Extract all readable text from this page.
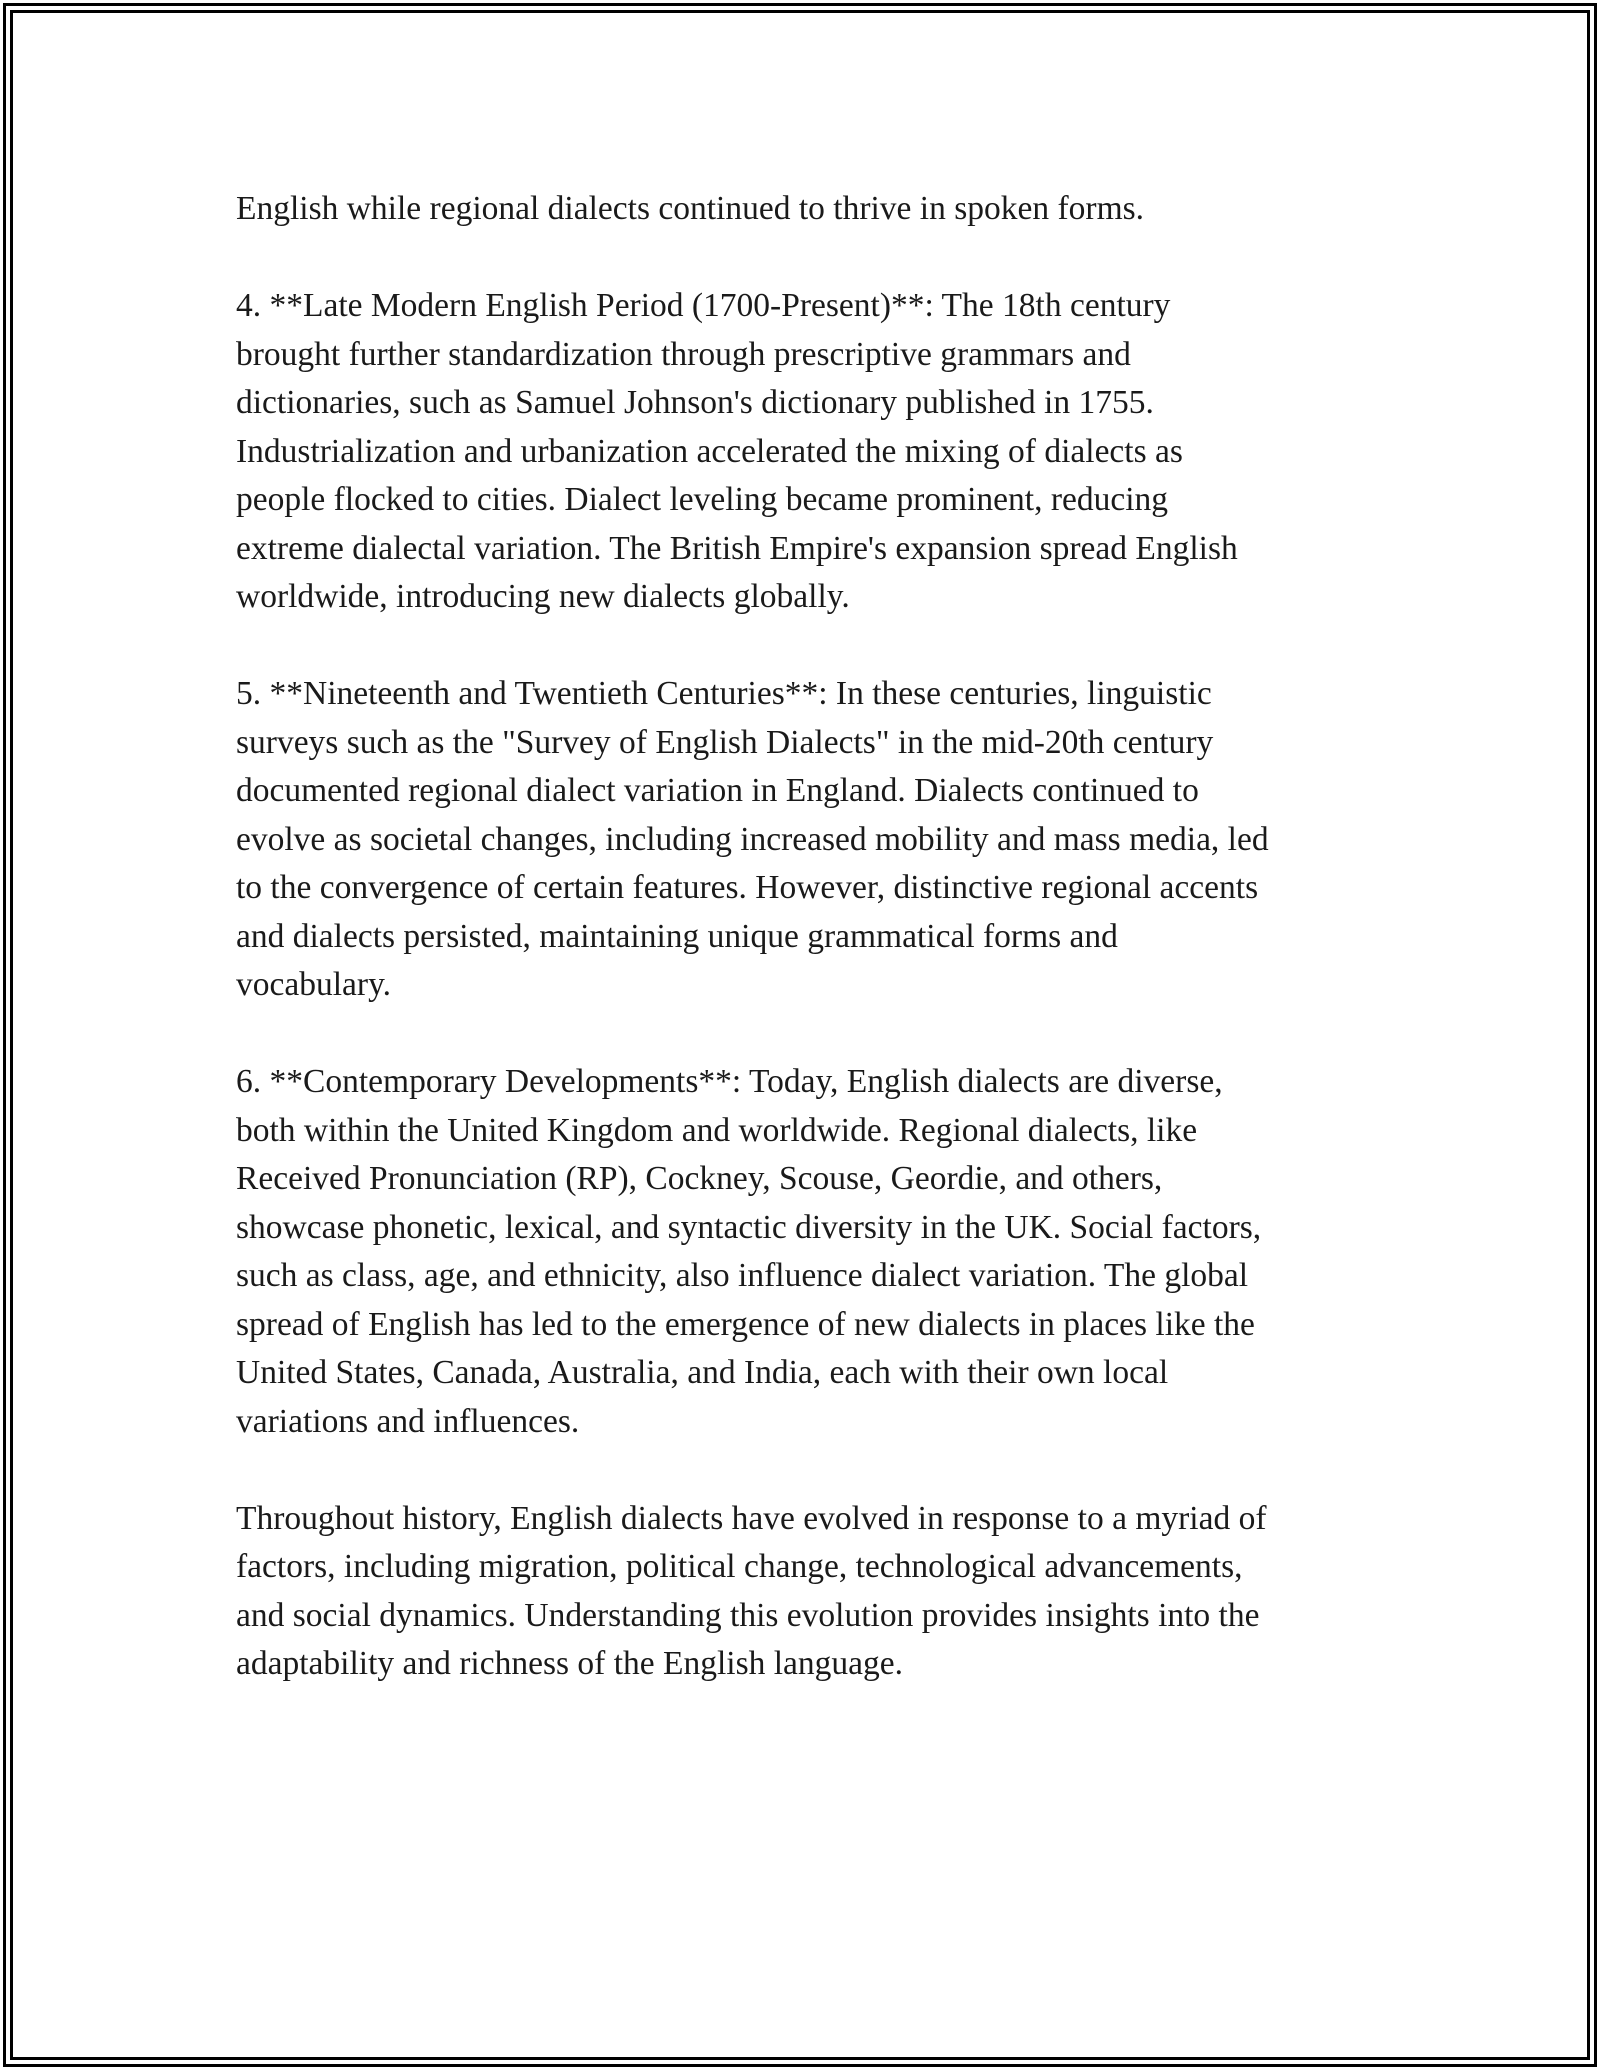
English while regional dialects continued to thrive in spoken forms.

4. **Late Modern English Period (1700-Present)**: The 18th century
brought further standardization through prescriptive grammars and
dictionaries, such as Samuel Johnson's dictionary published in 1755.
Industrialization and urbanization accelerated the mixing of dialects as
people flocked to cities. Dialect leveling became prominent, reducing
extreme dialectal variation. The British Empire's expansion spread English
worldwide, introducing new dialects globally.

5. **Nineteenth and Twentieth Centuries**: In these centuries, linguistic
surveys such as the "Survey of English Dialects" in the mid-20th century
documented regional dialect variation in England. Dialects continued to
evolve as societal changes, including increased mobility and mass media, led
to the convergence of certain features. However, distinctive regional accents
and dialects persisted, maintaining unique grammatical forms and
vocabulary.

6. **Contemporary Developments**: Today, English dialects are diverse,
both within the United Kingdom and worldwide. Regional dialects, like
Received Pronunciation (RP), Cockney, Scouse, Geordie, and others,
showcase phonetic, lexical, and syntactic diversity in the UK. Social factors,
such as class, age, and ethnicity, also influence dialect variation. The global
spread of English has led to the emergence of new dialects in places like the
United States, Canada, Australia, and India, each with their own local
variations and influences.

Throughout history, English dialects have evolved in response to a myriad of
factors, including migration, political change, technological advancements,
and social dynamics. Understanding this evolution provides insights into the
adaptability and richness of the English language.
